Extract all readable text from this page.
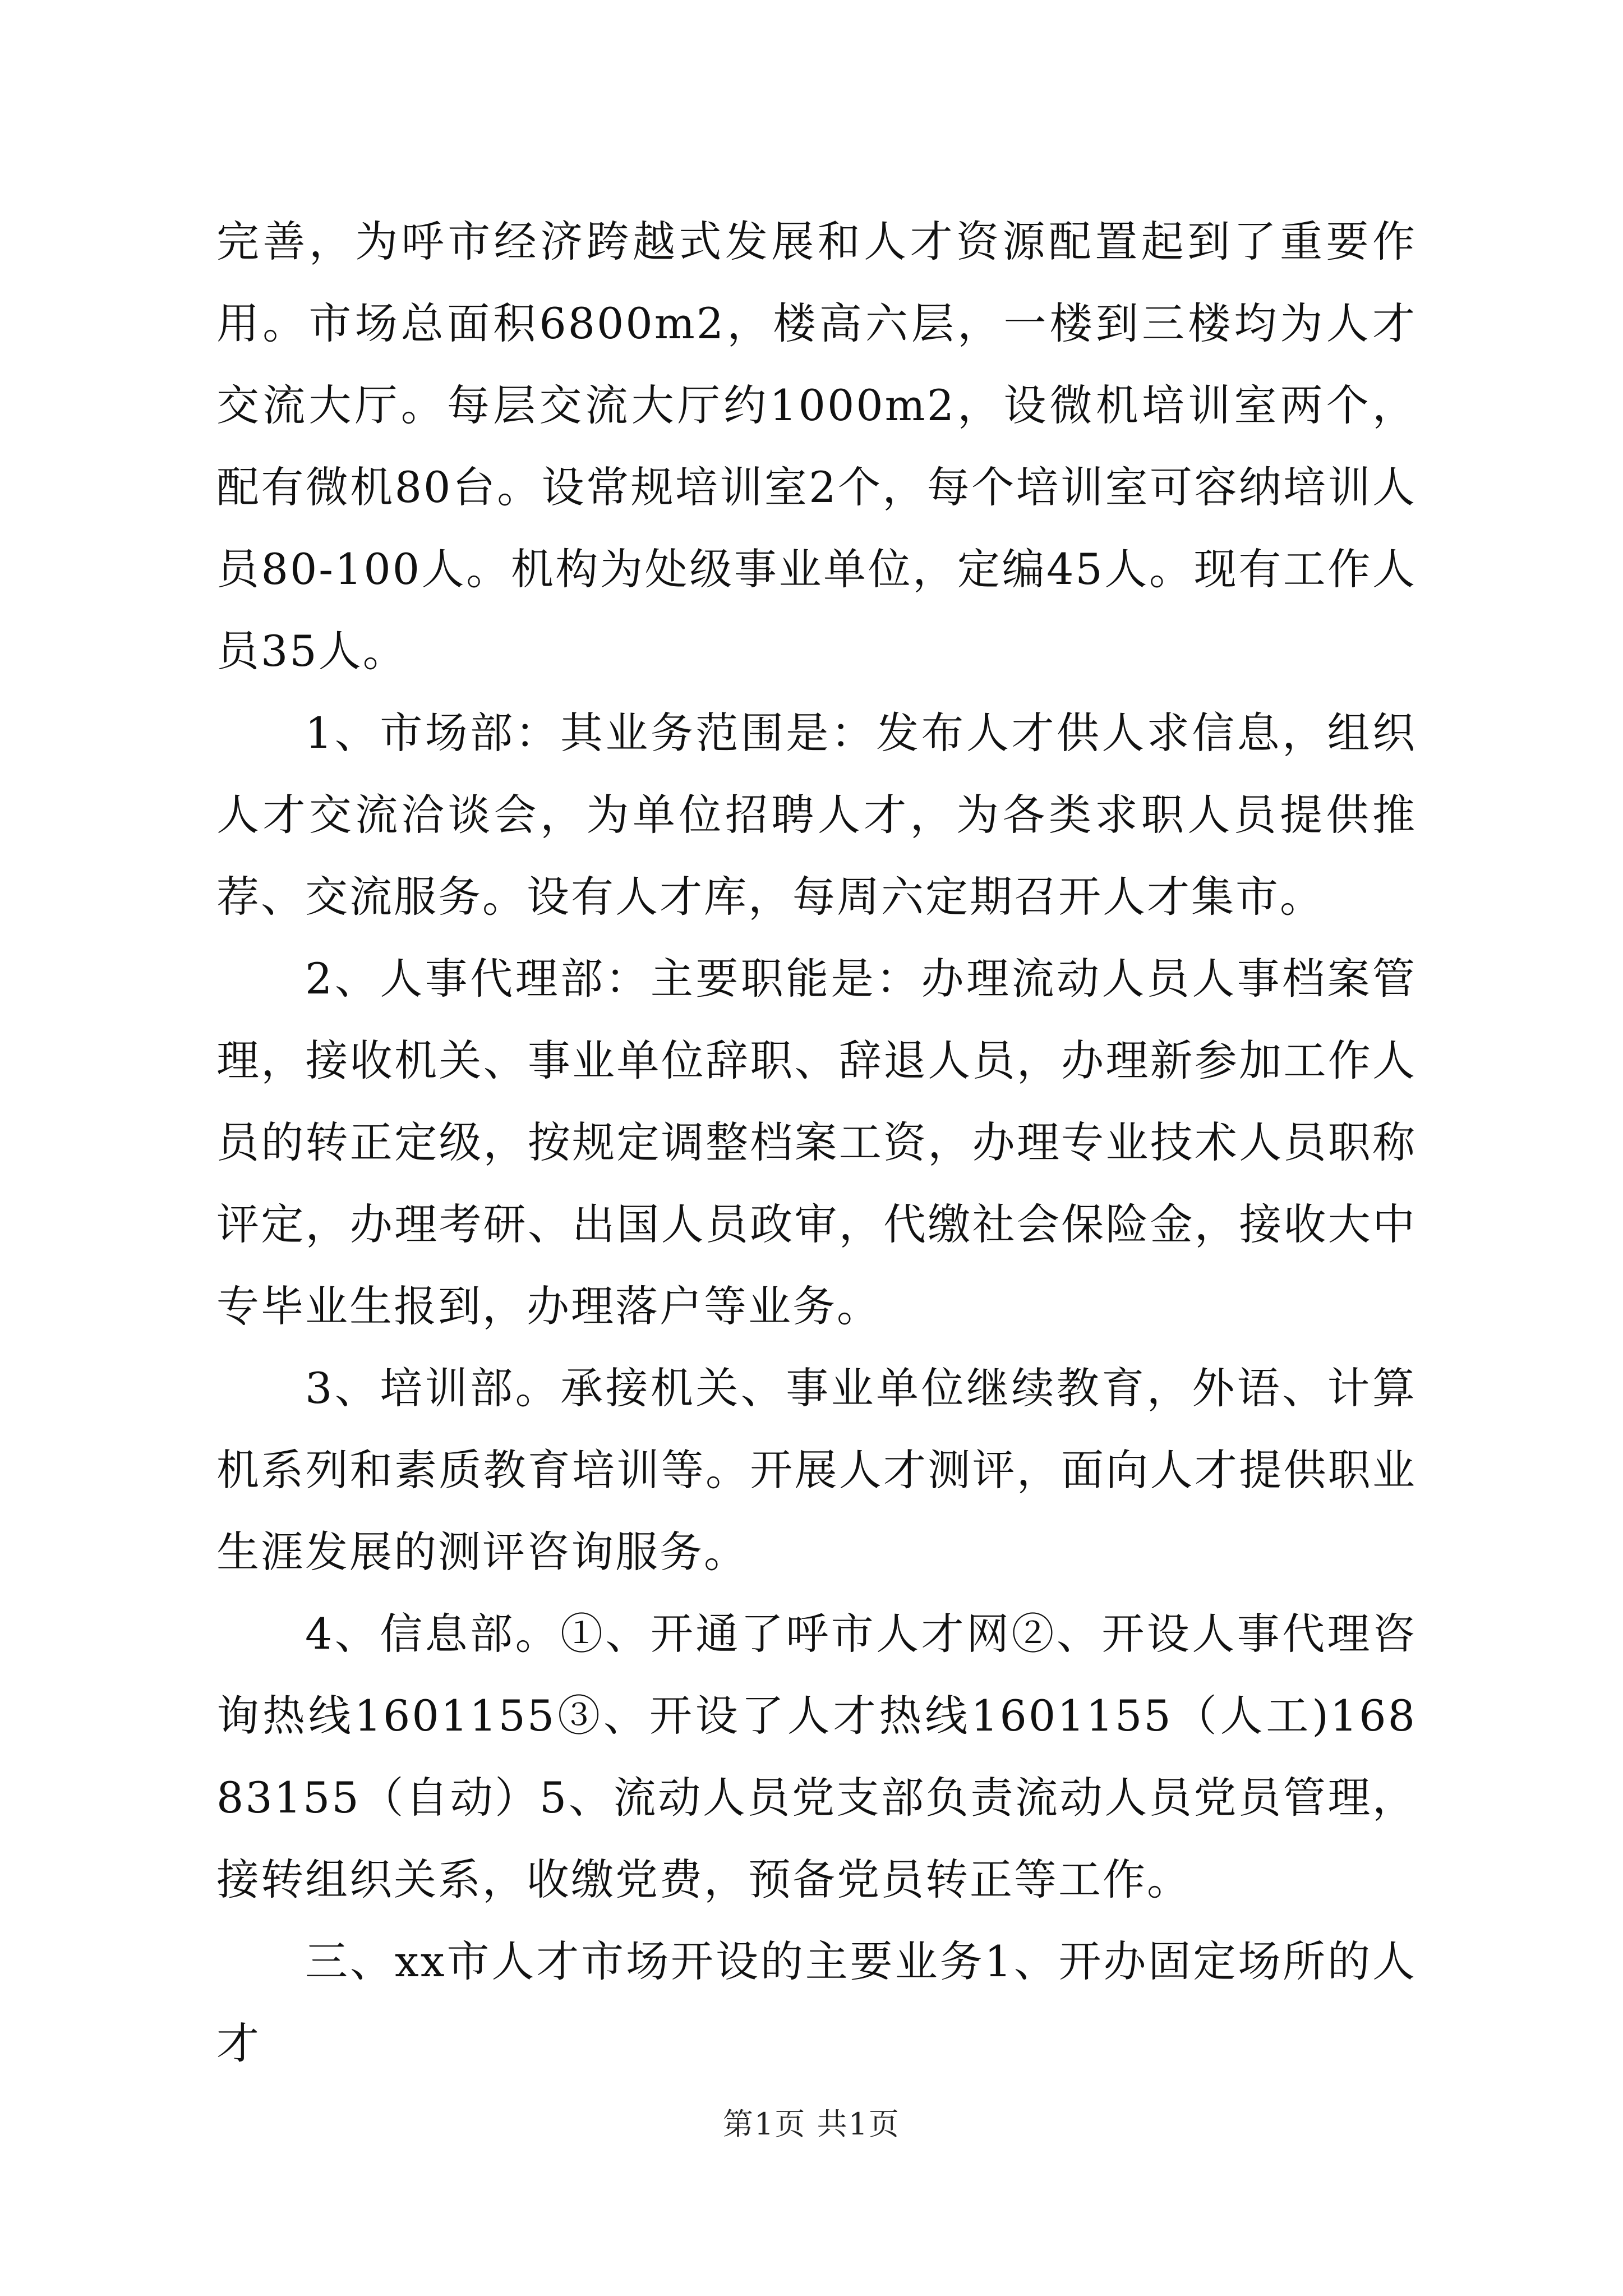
完善，为呼市经济跨越式发展和人才资源配置起到了重要作用。市场总面积6800m2，楼高六层，一楼到三楼均为人才交流大厅。每层交流大厅约1000m2，设微机培训室两个，配有微机80台。设常规培训室2个，每个培训室可容纳培训人员80-100人。机构为处级事业单位，定编45人。现有工作人员35人。

1、市场部：其业务范围是：发布人才供人求信息，组织人才交流洽谈会，为单位招聘人才，为各类求职人员提供推荐、交流服务。设有人才库，每周六定期召开人才集市。

2、人事代理部：主要职能是：办理流动人员人事档案管理，接收机关、事业单位辞职、辞退人员，办理新参加工作人员的转正定级，按规定调整档案工资，办理专业技术人员职称评定，办理考研、出国人员政审，代缴社会保险金，接收大中专毕业生报到，办理落户等业务。

3、培训部。承接机关、事业单位继续教育，外语、计算机系列和素质教育培训等。开展人才测评，面向人才提供职业生涯发展的测评咨询服务。

4、信息部。①、开通了呼市人才网②、开设人事代理咨询热线1601155③、开设了人才热线1601155（人工)16883155（自动）5、流动人员党支部负责流动人员党员管理，接转组织关系，收缴党费，预备党员转正等工作。

三、xx市人才市场开设的主要业务1、开办固定场所的人才

第1页 共1页
